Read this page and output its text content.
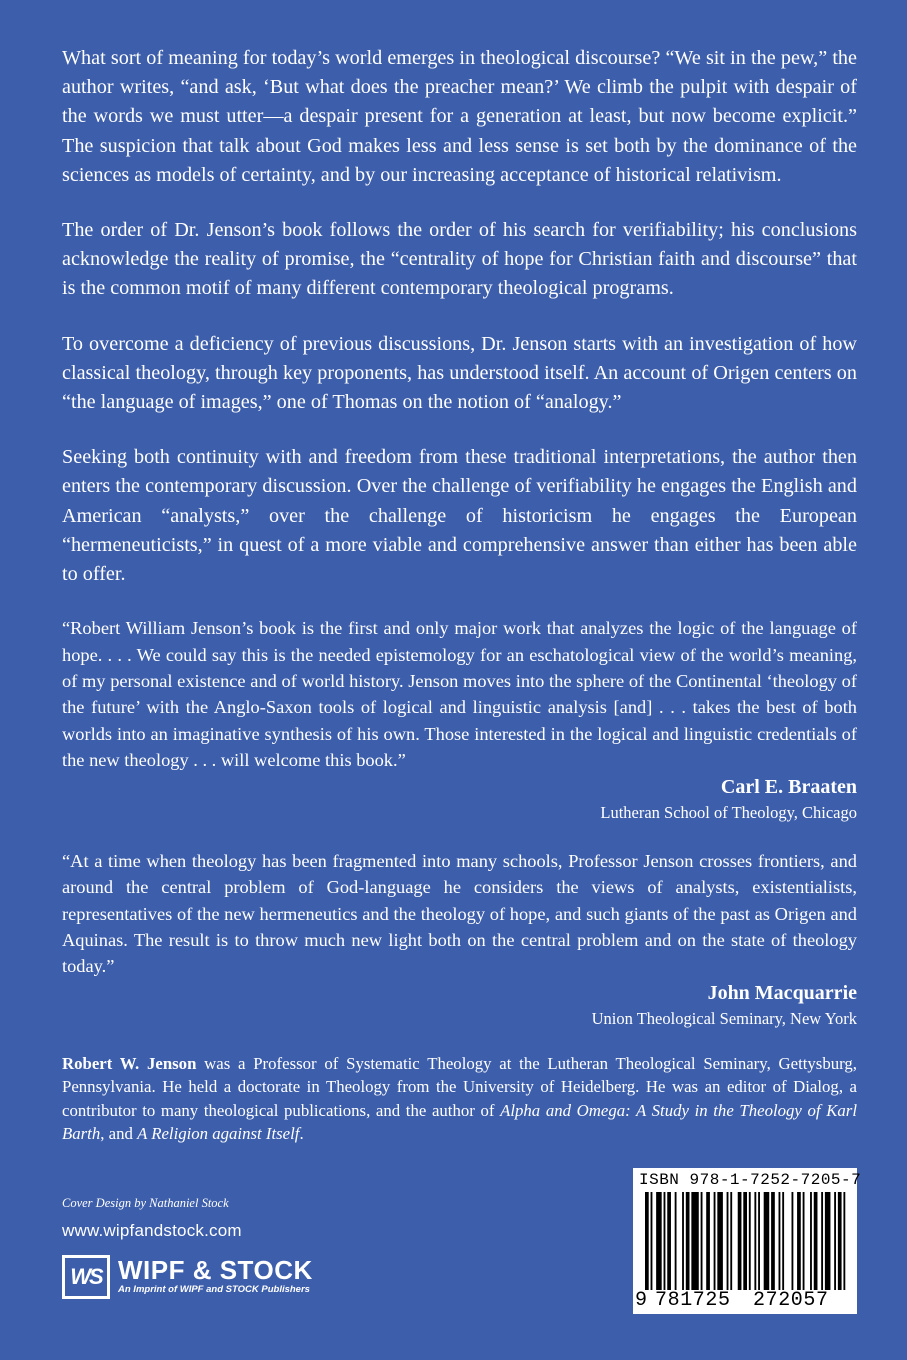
What sort of meaning for today’s world emerges in theological discourse? “We sit in the pew,” the author writes, “and ask, ‘But what does the preacher mean?’ We climb the pulpit with despair of the words we must utter—a despair present for a generation at least, but now become explicit.” The suspicion that talk about God makes less and less sense is set both by the dominance of the sciences as models of certainty, and by our increasing acceptance of historical relativism.

The order of Dr. Jenson’s book follows the order of his search for verifiability; his conclusions acknowledge the reality of promise, the “centrality of hope for Christian faith and discourse” that is the common motif of many different contemporary theological programs.

To overcome a deficiency of previous discussions, Dr. Jenson starts with an investigation of how classical theology, through key proponents, has understood itself. An account of Origen centers on “the language of images,” one of Thomas on the notion of “analogy.”

Seeking both continuity with and freedom from these traditional interpretations, the author then enters the contemporary discussion. Over the challenge of verifiability he engages the English and American “analysts,” over the challenge of historicism he engages the European “hermeneuticists,” in quest of a more viable and comprehensive answer than either has been able to offer.

“Robert William Jenson’s book is the first and only major work that analyzes the logic of the language of hope. . . . We could say this is the needed epistemology for an eschatological view of the world’s meaning, of my personal existence and of world history. Jenson moves into the sphere of the Continental ‘theology of the future’ with the Anglo-Saxon tools of logical and linguistic analysis [and] . . . takes the best of both worlds into an imaginative synthesis of his own. Those interested in the logical and linguistic credentials of the new theology . . . will welcome this book.”

Carl E. Braaten
Lutheran School of Theology, Chicago

“At a time when theology has been fragmented into many schools, Professor Jenson crosses frontiers, and around the central problem of God-language he considers the views of analysts, existentialists, representatives of the new hermeneutics and the theology of hope, and such giants of the past as Origen and Aquinas. The result is to throw much new light both on the central problem and on the state of theology today.”

John Macquarrie
Union Theological Seminary, New York

Robert W. Jenson was a Professor of Systematic Theology at the Lutheran Theological Seminary, Gettysburg, Pennsylvania. He held a doctorate in Theology from the University of Heidelberg. He was an editor of Dialog, a contributor to many theological publications, and the author of Alpha and Omega: A Study in the Theology of Karl Barth, and A Religion against Itself.

Cover Design by Nathaniel Stock

www.wipfandstock.com

WS WIPF & STOCK
An Imprint of WIPF and STOCK Publishers
ISBN 978-1-7252-7205-7
9 781725 272057
